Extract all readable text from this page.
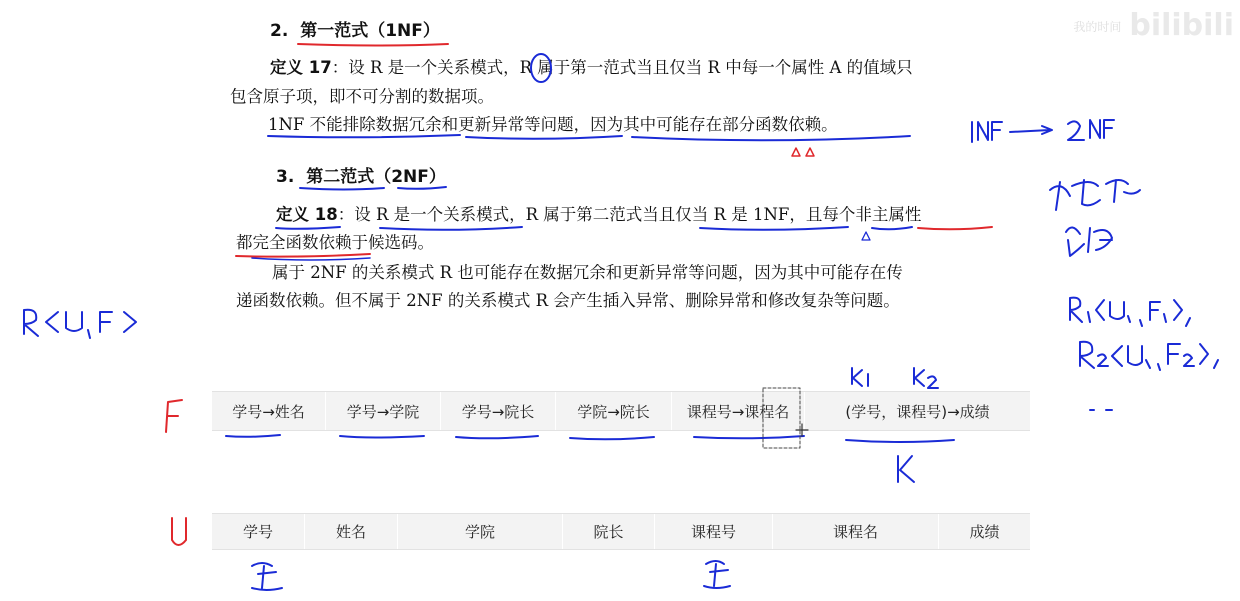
我的时间 bilibili
2. 第一范式（1NF）
定义 17：设 R 是一个关系模式，R 属于第一范式当且仅当 R 中每一个属性 A 的值域只
包含原子项，即不可分割的数据项。
1NF 不能排除数据冗余和更新异常等问题，因为其中可能存在部分函数依赖。
3. 第二范式（2NF）
定义 18：设 R 是一个关系模式，R 属于第二范式当且仅当 R 是 1NF，且每个非主属性
都完全函数依赖于候选码。
属于 2NF 的关系模式 R 也可能存在数据冗余和更新异常等问题，因为其中可能存在传
递函数依赖。但不属于 2NF 的关系模式 R 会产生插入异常、删除异常和修改复杂等问题。
学号→姓名	学号→学院	学号→院长	学院→院长	课程号→课程名	(学号，课程号)→成绩
学号	姓名	学院	院长	课程号	课程名	成绩
